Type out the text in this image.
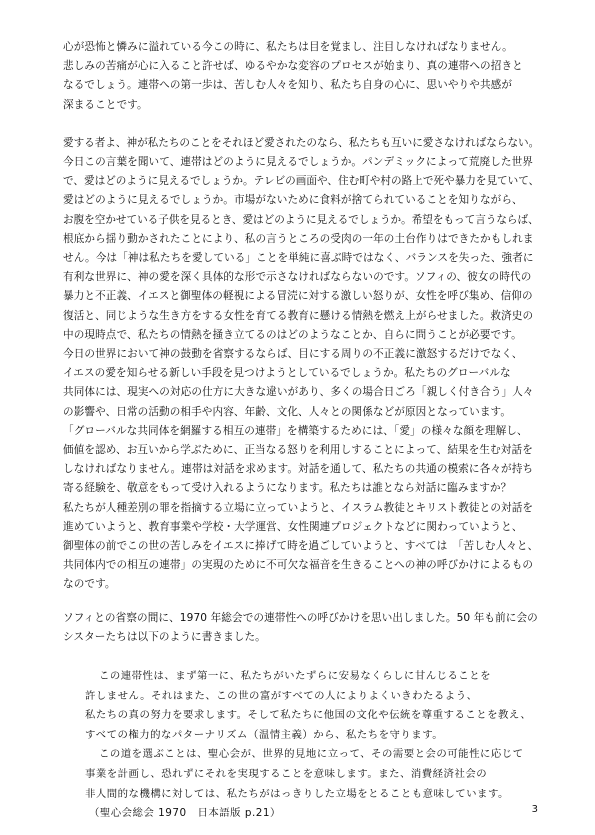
心が恐怖と憐みに溢れている今この時に、私たちは目を覚まし、注目しなければなりません。
悲しみの苦痛が心に入ること許せば、ゆるやかな変容のプロセスが始まり、真の連帯への招きと
なるでしょう。連帯への第一歩は、苦しむ人々を知り、私たち自身の心に、思いやりや共感が
深まることです。

愛する者よ、神が私たちのことをそれほど愛されたのなら、私たちも互いに愛さなければならない。
今日この言葉を聞いて、連帯はどのように見えるでしょうか。パンデミックによって荒廃した世界
で、愛はどのように見えるでしょうか。テレビの画面や、住む町や村の路上で死や暴力を見ていて、
愛はどのように見えるでしょうか。市場がないために食料が捨てられていることを知りながら、
お腹を空かせている子供を見るとき、愛はどのように見えるでしょうか。希望をもって言うならば、
根底から揺り動かされたことにより、私の言うところの受肉の一年の土台作りはできたかもしれま
せん。今は「神は私たちを愛している」ことを単純に喜ぶ時ではなく、バランスを失った、強者に
有利な世界に、神の愛を深く具体的な形で示さなければならないのです。ソフィの、彼女の時代の
暴力と不正義、イエスと御聖体の軽視による冒涜に対する激しい怒りが、女性を呼び集め、信仰の
復活と、同じような生き方をする女性を育てる教育に懸ける情熱を燃え上がらせました。救済史の
中の現時点で、私たちの情熱を掻き立てるのはどのようなことか、自らに問うことが必要です。
今日の世界において神の鼓動を省察するならば、目にする周りの不正義に激怒するだけでなく、
イエスの愛を知らせる新しい手段を見つけようとしているでしょうか。私たちのグローバルな
共同体には、現実への対応の仕方に大きな違いがあり、多くの場合日ごろ「親しく付き合う」人々
の影響や、日常の活動の相手や内容、年齢、文化、人々との関係などが原因となっています。
「グローバルな共同体を網羅する相互の連帯」を構築するためには、「愛」の様々な顔を理解し、
価値を認め、お互いから学ぶために、正当なる怒りを利用しすることによって、結果を生む対話を
しなければなりません。連帯は対話を求めます。対話を通して、私たちの共通の模索に各々が持ち
寄る経験を、敬意をもって受け入れるようになります。私たちは誰となら対話に臨みますか？
私たちが人種差別の罪を指摘する立場に立っていようと、イスラム教徒とキリスト教徒との対話を
進めていようと、教育事業や学校・大学運営、女性関連プロジェクトなどに関わっていようと、
御聖体の前でこの世の苦しみをイエスに捧げて時を過ごしていようと、すべては　「苦しむ人々と、
共同体内での相互の連帯」の実現のために不可欠な福音を生きることへの神の呼びかけによるもの
なのです。

ソフィとの省察の間に、1970 年総会での連帯性への呼びかけを思い出しました。50 年も前に会の
シスターたちは以下のように書きました。

この連帯性は、まず第一に、私たちがいたずらに安易なくらしに甘んじることを
許しません。それはまた、この世の富がすべての人によりよくいきわたるよう、
私たちの真の努力を要求します。そして私たちに他国の文化や伝統を尊重することを教え、
すべての権力的なパターナリズム（温情主義）から、私たちを守ります。
この道を選ぶことは、聖心会が、世界的見地に立って、その需要と会の可能性に応じて
事業を計画し、恐れずにそれを実現することを意味します。また、消費経済社会の
非人間的な機構に対しては、私たちがはっきりした立場をとることも意味しています。
（聖心会総会 1970　日本語版 p.21）	3
